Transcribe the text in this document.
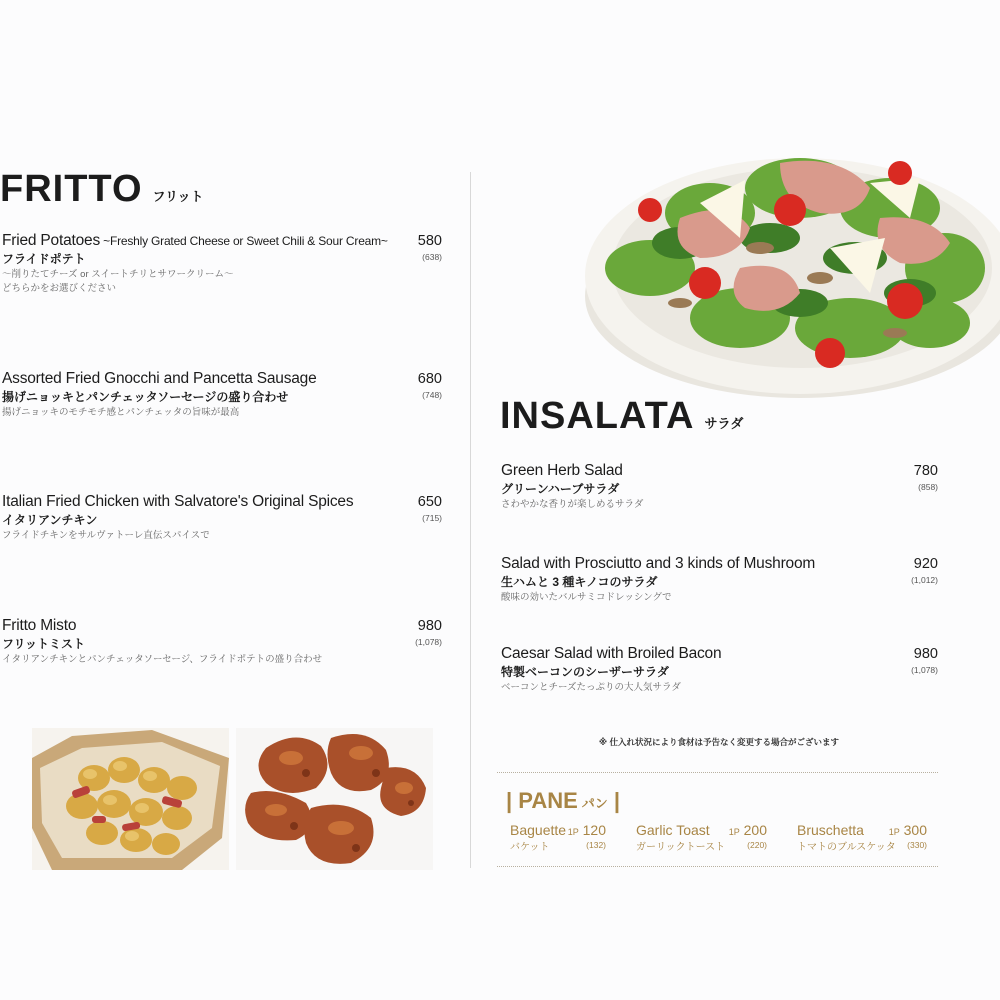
FRITTO フリット
Fried Potatoes ~Freshly Grated Cheese or Sweet Chili & Sour Cream~
フライドポテト
～削りたてチーズ or スイートチリとサワークリーム～
どちらかをお選びください
580
(638)
Assorted Fried Gnocchi and Pancetta Sausage
揚げニョッキとパンチェッタソーセージの盛り合わせ
揚げニョッキのモチモチ感とパンチェッタの旨味が最高
680
(748)
Italian Fried Chicken with Salvatore's Original Spices
イタリアンチキン
フライドチキンをサルヴァトーレ直伝スパイスで
650
(715)
Fritto Misto
フリットミスト
イタリアンチキンとパンチェッタソーセージ、フライドポテトの盛り合わせ
980
(1,078)
INSALATA サラダ
Green Herb Salad
グリーンハーブサラダ
さわやかな香りが楽しめるサラダ
780
(858)
Salad with Prosciutto and 3 kinds of Mushroom
生ハムと 3 種キノコのサラダ
酸味の効いたバルサミコドレッシングで
920
(1,012)
Caesar Salad with Broiled Bacon
特製ベーコンのシーザーサラダ
ベーコンとチーズたっぷりの大人気サラダ
980
(1,078)
※ 仕入れ状況により食材は予告なく変更する場合がございます
| PANE パン |
Baguette
バケット
1P 120
(132)
Garlic Toast
ガーリックトースト
1P 200
(220)
Bruschetta
トマトのブルスケッタ
1P 300
(330)
